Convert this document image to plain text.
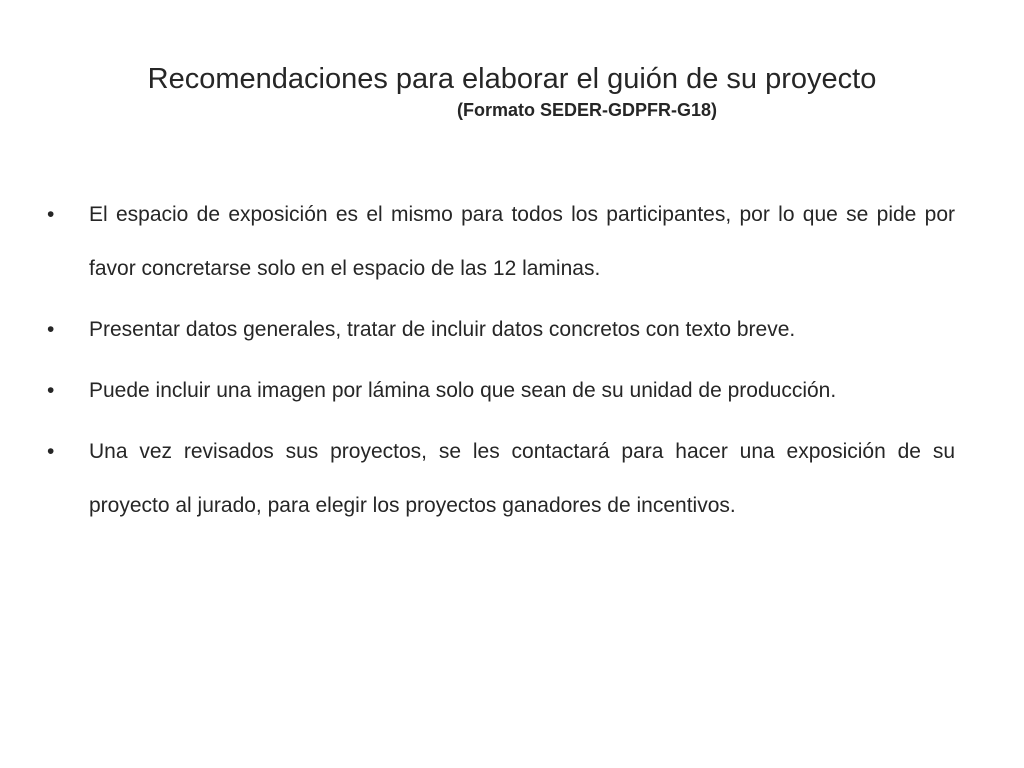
Recomendaciones para elaborar el guión de su proyecto
(Formato SEDER-GDPFR-G18)
• El espacio de exposición es el mismo para todos los participantes, por lo que se pide por favor concretarse solo en el espacio de las 12 laminas.
• Presentar datos generales, tratar de incluir datos concretos con texto breve.
• Puede incluir una imagen por lámina solo que sean de su unidad de producción.
• Una vez revisados sus proyectos, se les contactará para hacer una exposición de su proyecto al jurado, para elegir los proyectos ganadores de incentivos.
